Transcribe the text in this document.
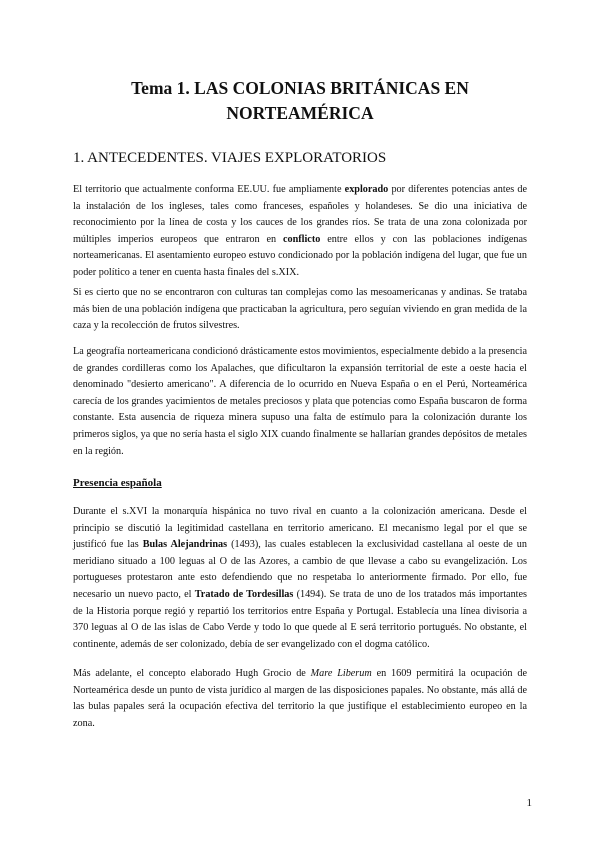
Tema 1. LAS COLONIAS BRITÁNICAS EN
NORTEAMÉRICA
1. ANTECEDENTES. VIAJES EXPLORATORIOS

El territorio que actualmente conforma EE.UU. fue ampliamente explorado por diferentes potencias antes de la instalación de los ingleses, tales como franceses, españoles y holandeses. Se dio una iniciativa de reconocimiento por la línea de costa y los cauces de los grandes ríos. Se trata de una zona colonizada por múltiples imperios europeos que entraron en conflicto entre ellos y con las poblaciones indígenas norteamericanas. El asentamiento europeo estuvo condicionado por la población indígena del lugar, que fue un poder político a tener en cuenta hasta finales del s.XIX.

Si es cierto que no se encontraron con culturas tan complejas como las mesoamericanas y andinas. Se trataba más bien de una población indígena que practicaban la agricultura, pero seguían viviendo en gran medida de la caza y la recolección de frutos silvestres.

La geografía norteamericana condicionó drásticamente estos movimientos, especialmente debido a la presencia de grandes cordilleras como los Apalaches, que dificultaron la expansión territorial de este a oeste hacia el denominado "desierto americano". A diferencia de lo ocurrido en Nueva España o en el Perú, Norteamérica carecía de los grandes yacimientos de metales preciosos y plata que potencias como España buscaron de forma constante. Esta ausencia de riqueza minera supuso una falta de estímulo para la colonización durante los primeros siglos, ya que no sería hasta el siglo XIX cuando finalmente se hallarían grandes depósitos de metales en la región.

Presencia española

Durante el s.XVI la monarquía hispánica no tuvo rival en cuanto a la colonización americana. Desde el principio se discutió la legitimidad castellana en territorio americano. El mecanismo legal por el que se justificó fue las Bulas Alejandrinas (1493), las cuales establecen la exclusividad castellana al oeste de un meridiano situado a 100 leguas al O de las Azores, a cambio de que llevase a cabo su evangelización. Los portugueses protestaron ante esto defendiendo que no respetaba lo anteriormente firmado. Por ello, fue necesario un nuevo pacto, el Tratado de Tordesillas (1494). Se trata de uno de los tratados más importantes de la Historia porque regió y repartió los territorios entre España y Portugal. Establecía una línea divisoria a 370 leguas al O de las islas de Cabo Verde y todo lo que quede al E será territorio portugués. No obstante, el continente, además de ser colonizado, debía de ser evangelizado con el dogma católico.

Más adelante, el concepto elaborado Hugh Grocio de Mare Liberum en 1609 permitirá la ocupación de Norteamérica desde un punto de vista jurídico al margen de las disposiciones papales. No obstante, más allá de las bulas papales será la ocupación efectiva del territorio la que justifique el establecimiento europeo en la zona.

1
